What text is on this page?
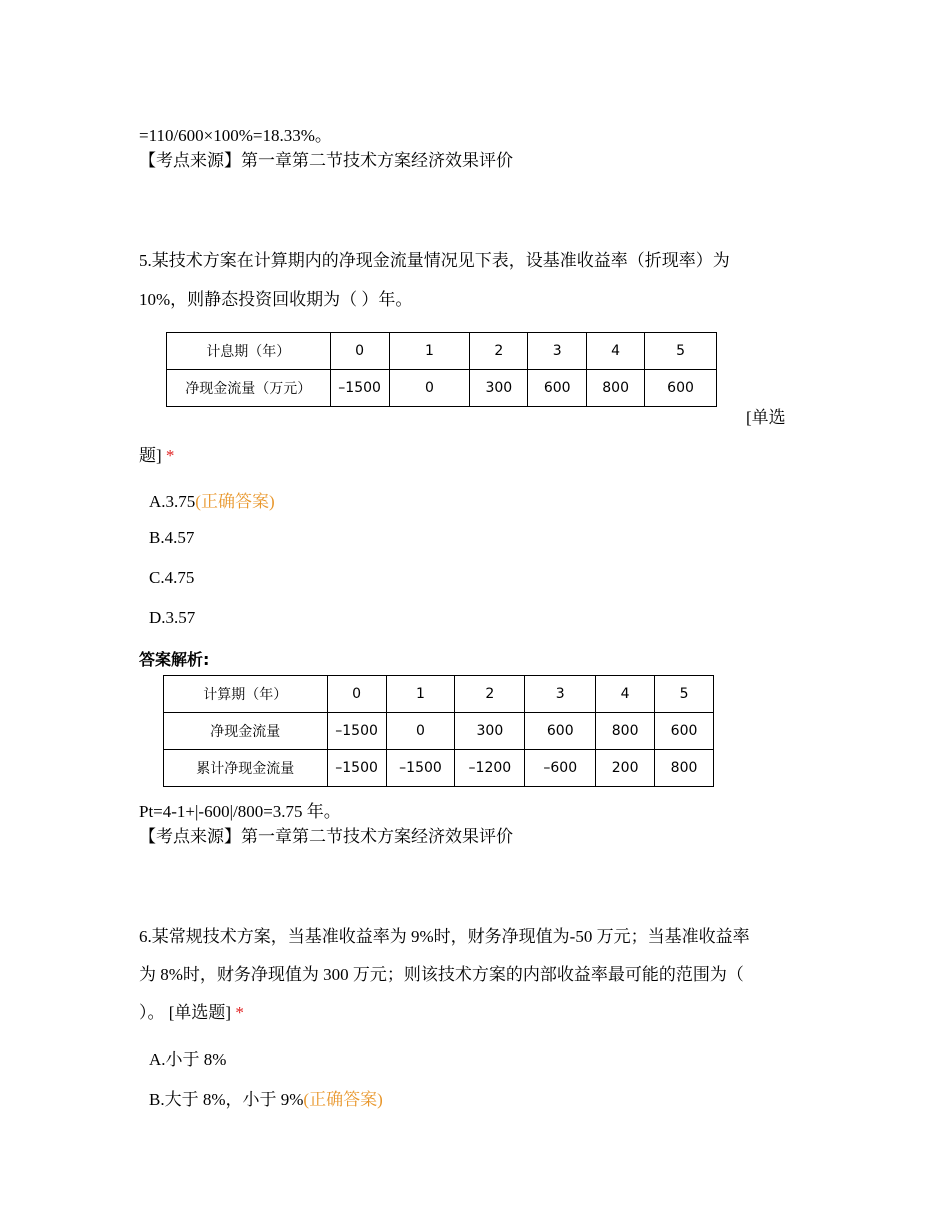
=110/600×100%=18.33%。
【考点来源】第一章第二节技术方案经济效果评价
5.某技术方案在计算期内的净现金流量情况见下表，设基准收益率（折现率）为
10%，则静态投资回收期为（ ）年。
计息期（年）	0	1	2	3	4	5
净现金流量（万元）	–1500	0	300	600	800	600
[单选
题] *
A.3.75(正确答案)
B.4.57
C.4.75
D.3.57
答案解析:
计算期（年）	0	1	2	3	4	5
净现金流量	–1500	0	300	600	800	600
累计净现金流量	–1500	–1500	–1200	–600	200	800
Pt=4-1+|-600|/800=3.75 年。
【考点来源】第一章第二节技术方案经济效果评价
6.某常规技术方案，当基准收益率为 9%时，财务净现值为-50 万元；当基准收益率
为 8%时，财务净现值为 300 万元；则该技术方案的内部收益率最可能的范围为（
）。 [单选题] *
A.小于 8%
B.大于 8%，小于 9%(正确答案)
